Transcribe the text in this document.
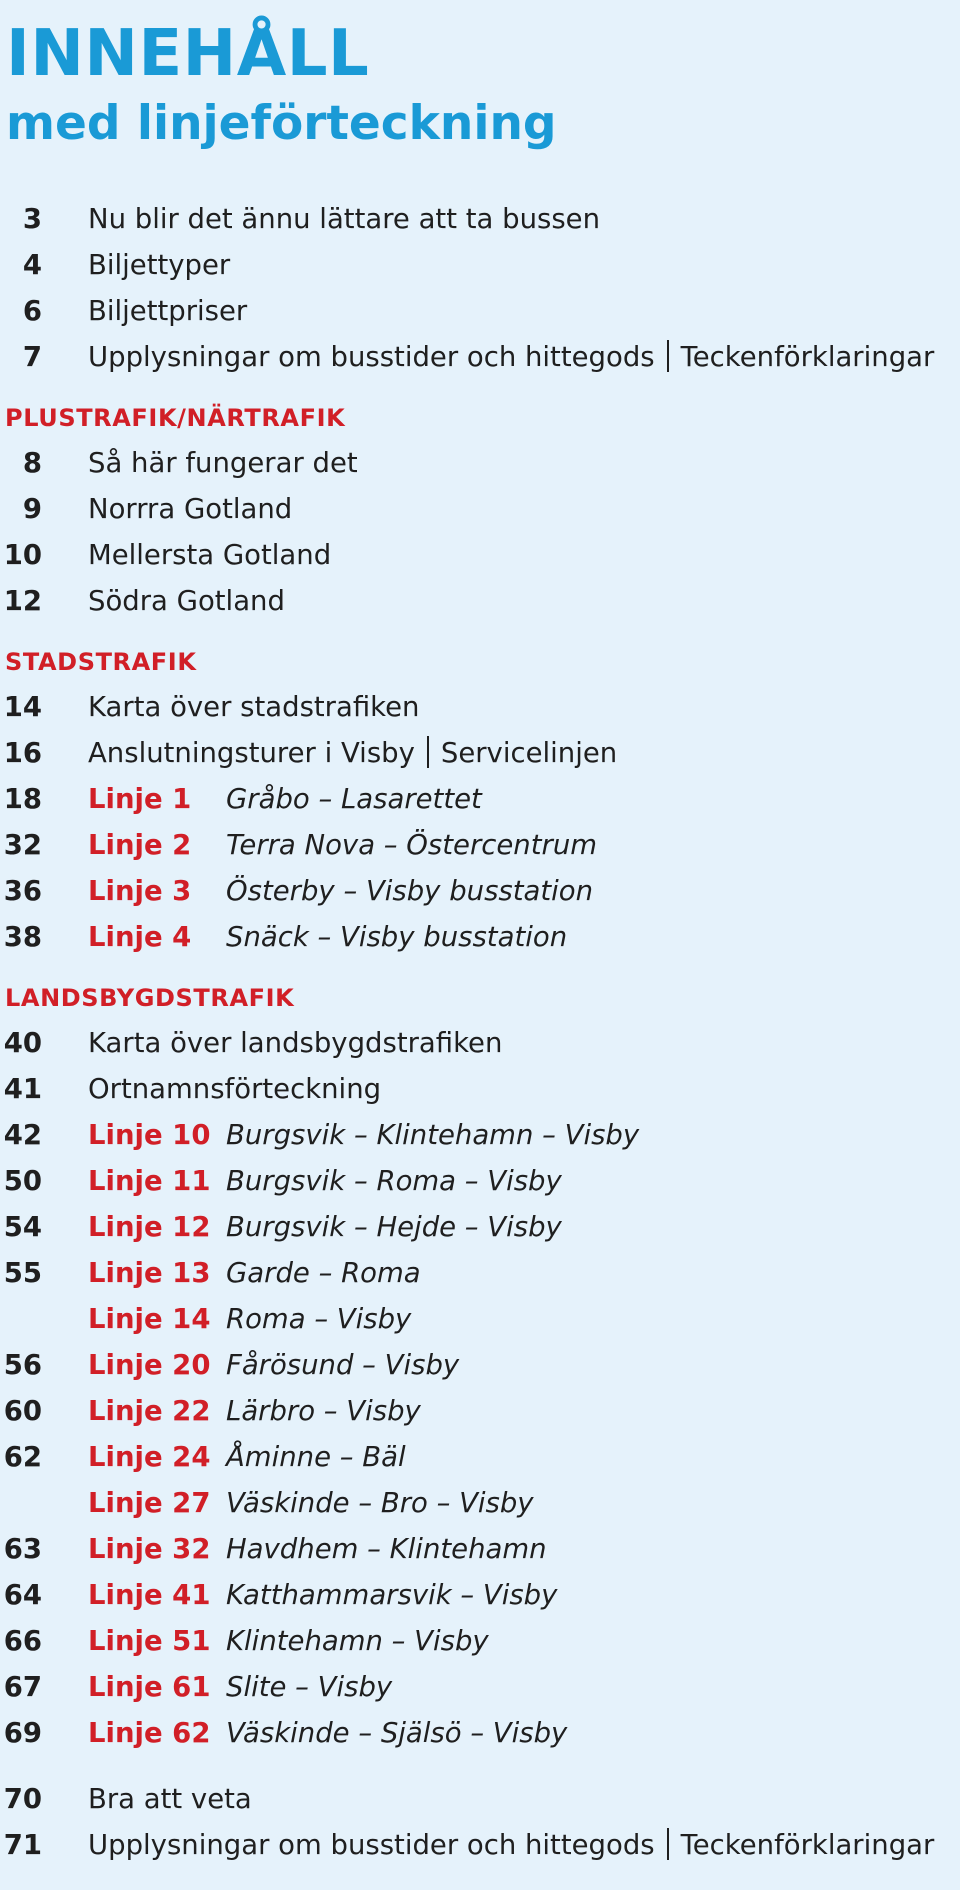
INNEHÅLL
med linjeförteckning
3 Nu blir det ännu lättare att ta bussen
4 Biljettyper
6 Biljettpriser
7 Upplysningar om busstider och hittegods Teckenförklaringar
PLUSTRAFIK/NÄRTRAFIK
8 Så här fungerar det
9 Norrra Gotland
10 Mellersta Gotland
12 Södra Gotland
STADSTRAFIK
14 Karta över stadstrafiken
16 Anslutningsturer i Visby Servicelinjen
18 Linje 1 Gråbo – Lasarettet
32 Linje 2 Terra Nova – Östercentrum
36 Linje 3 Österby – Visby busstation
38 Linje 4 Snäck – Visby busstation
LANDSBYGDSTRAFIK
40 Karta över landsbygdstrafiken
41 Ortnamnsförteckning
42 Linje 10 Burgsvik – Klintehamn – Visby
50 Linje 11 Burgsvik – Roma – Visby
54 Linje 12 Burgsvik – Hejde – Visby
55 Linje 13 Garde – Roma
Linje 14 Roma – Visby
56 Linje 20 Fårösund – Visby
60 Linje 22 Lärbro – Visby
62 Linje 24 Åminne – Bäl
Linje 27 Väskinde – Bro – Visby
63 Linje 32 Havdhem – Klintehamn
64 Linje 41 Katthammarsvik – Visby
66 Linje 51 Klintehamn – Visby
67 Linje 61 Slite – Visby
69 Linje 62 Väskinde – Själsö – Visby
70 Bra att veta
71 Upplysningar om busstider och hittegods Teckenförklaringar
